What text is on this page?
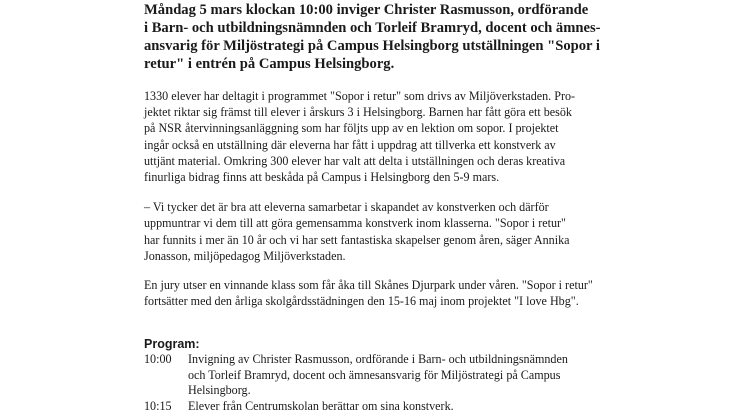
Måndag 5 mars klockan 10:00 inviger Christer Rasmusson, ordförande
i Barn- och utbildningsnämnden och Torleif Bramryd, docent och ämnes-
ansvarig för Miljöstrategi på Campus Helsingborg utställningen "Sopor i
retur" i entrén på Campus Helsingborg.
1330 elever har deltagit i programmet "Sopor i retur" som drivs av Miljöverkstaden. Pro-
jektet riktar sig främst till elever i årskurs 3 i Helsingborg. Barnen har fått göra ett besök
på NSR återvinningsanläggning som har följts upp av en lektion om sopor. I projektet
ingår också en utställning där eleverna har fått i uppdrag att tillverka ett konstverk av
uttjänt material. Omkring 300 elever har valt att delta i utställningen och deras kreativa
finurliga bidrag finns att beskåda på Campus i Helsingborg den 5-9 mars.
– Vi tycker det är bra att eleverna samarbetar i skapandet av konstverken och därför
uppmuntrar vi dem till att göra gemensamma konstverk inom klasserna. "Sopor i retur"
har funnits i mer än 10 år och vi har sett fantastiska skapelser genom åren, säger Annika
Jonasson, miljöpedagog Miljöverkstaden.
En jury utser en vinnande klass som får åka till Skånes Djurpark under våren. "Sopor i retur"
fortsätter med den årliga skolgårdsstädningen den 15-16 maj inom projektet "I love Hbg".
Program:
10:00	Invigning av Christer Rasmusson, ordförande i Barn- och utbildningsnämnden
och Torleif Bramryd, docent och ämnesansvarig för Miljöstrategi på Campus
Helsingborg.
10:15	Elever från Centrumskolan berättar om sina konstverk.
